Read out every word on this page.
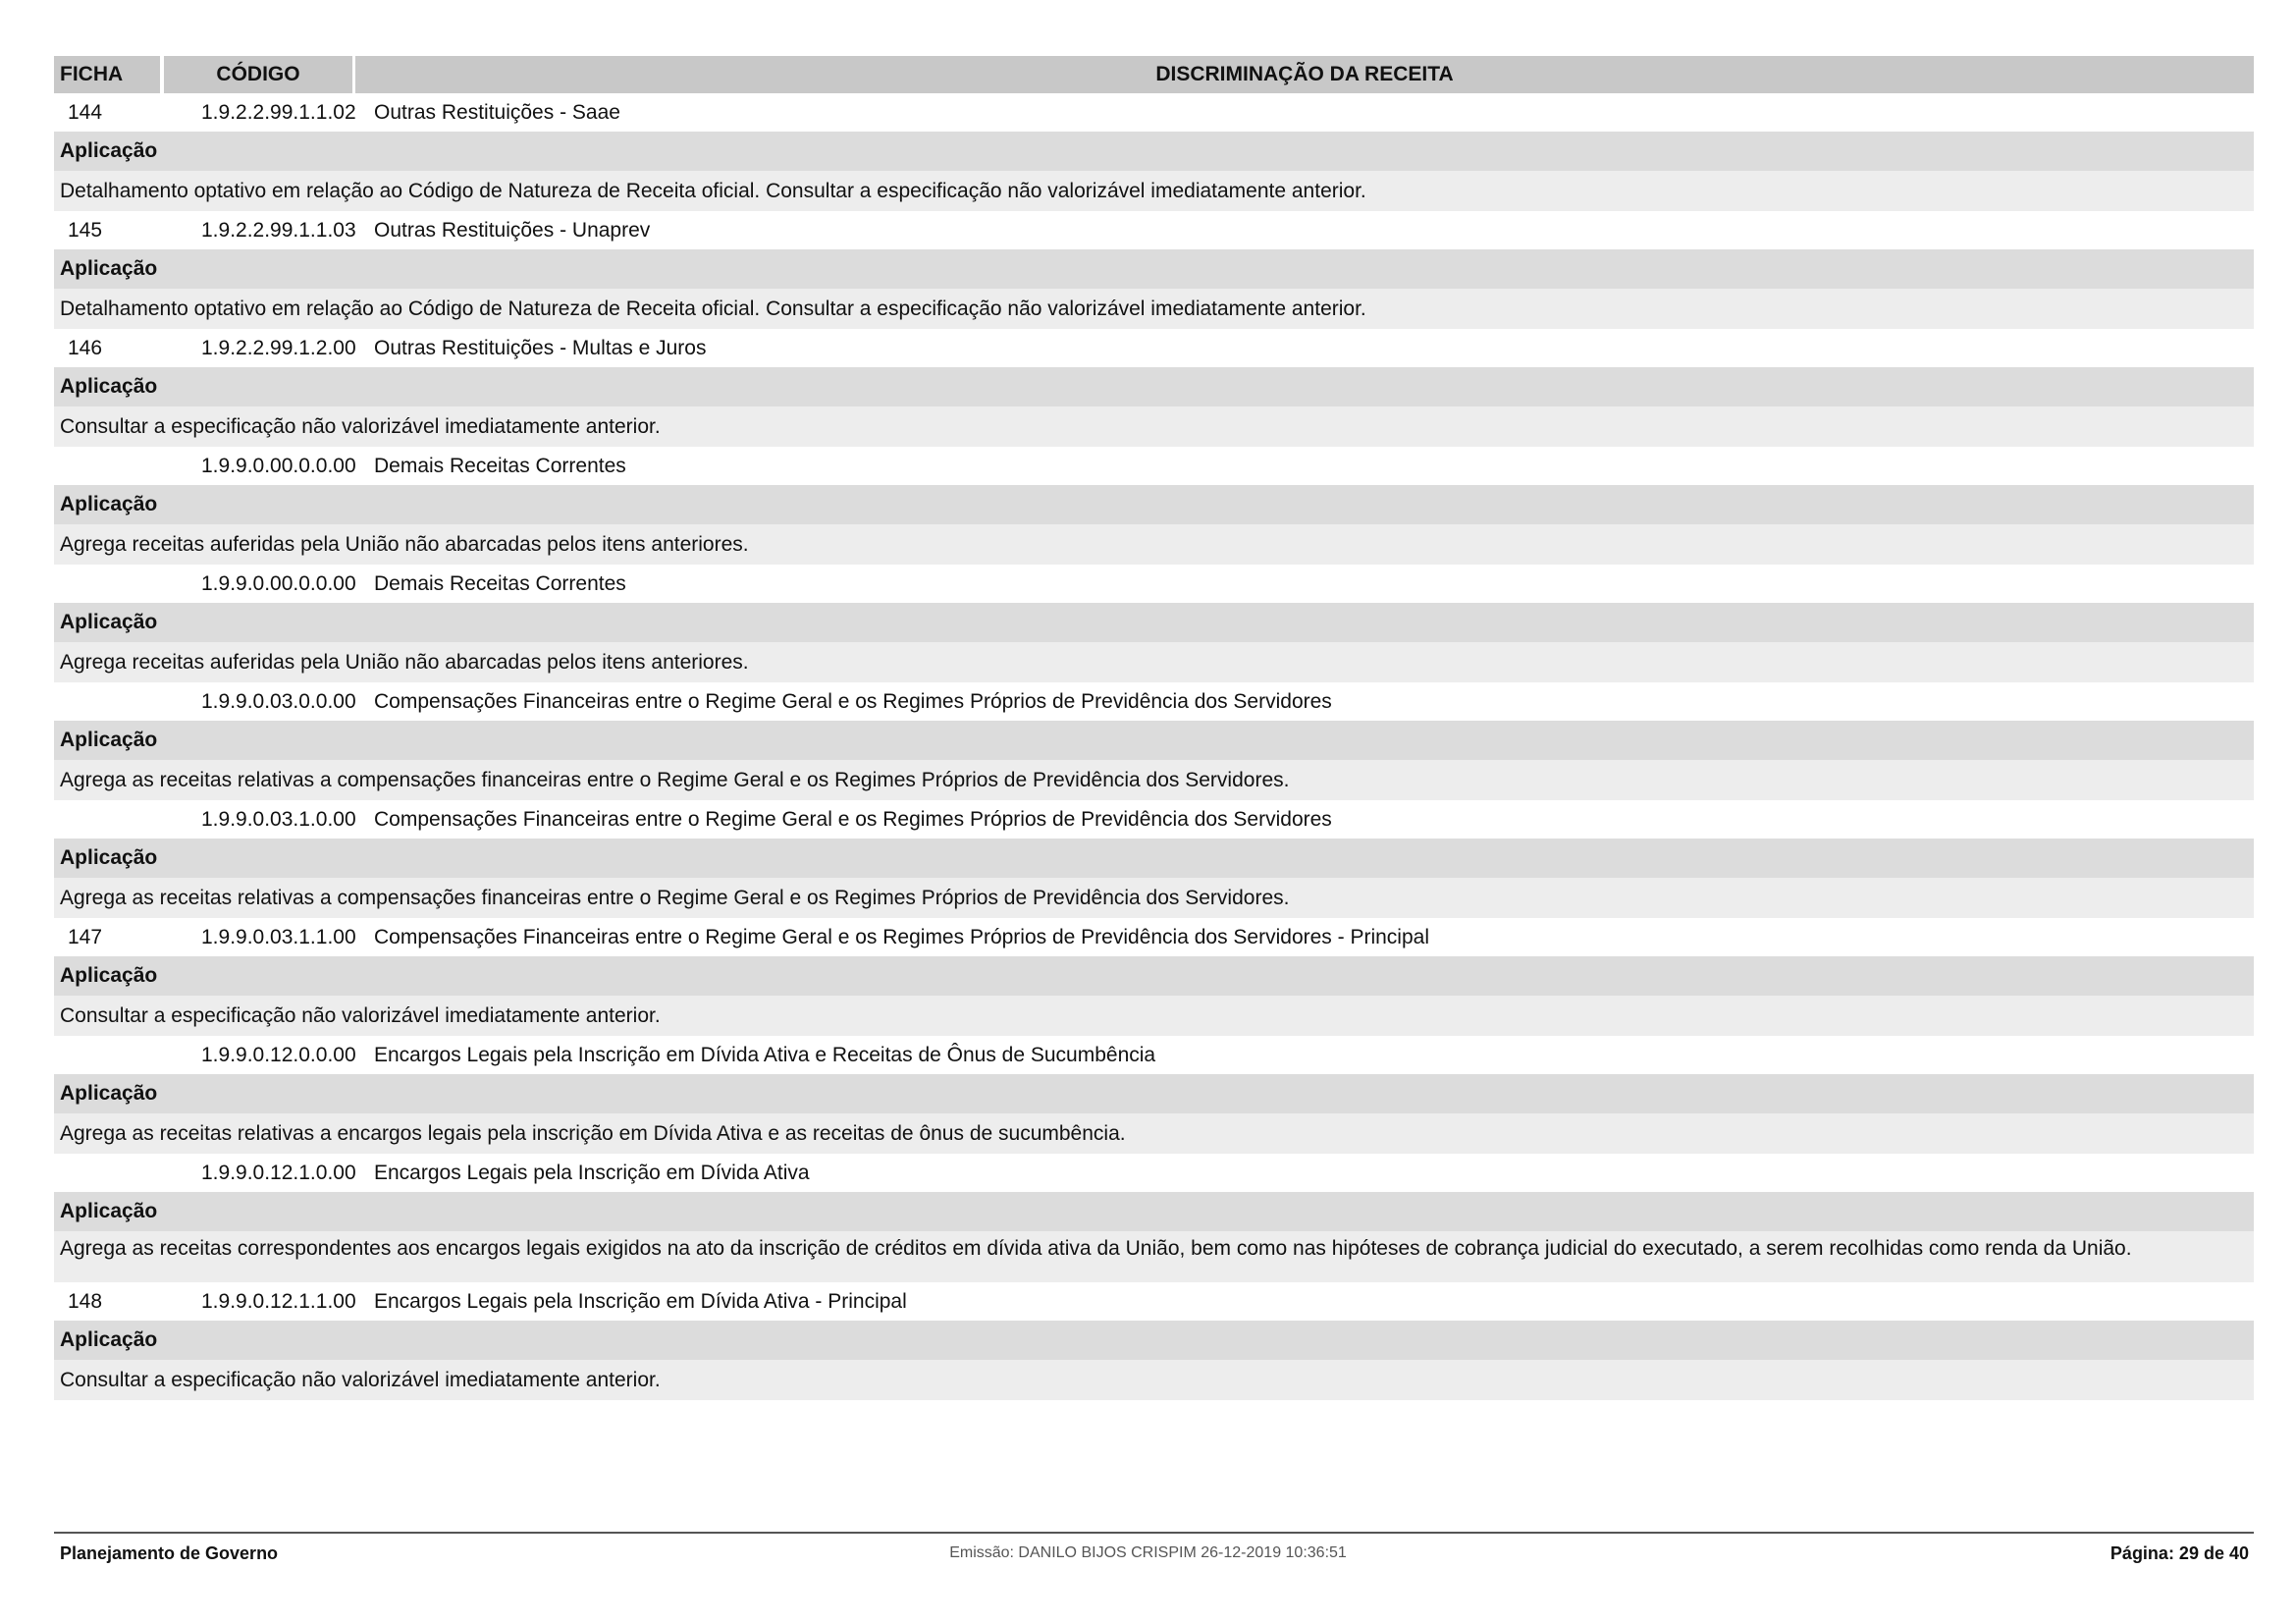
FICHA	CÓDIGO	DISCRIMINAÇÃO DA RECEITA
144	1.9.2.2.99.1.1.02 Outras Restituições - Saae
Aplicação
Detalhamento optativo em relação ao Código de Natureza de Receita oficial. Consultar a especificação não valorizável imediatamente anterior.
145	1.9.2.2.99.1.1.03 Outras Restituições - Unaprev
Aplicação
Detalhamento optativo em relação ao Código de Natureza de Receita oficial. Consultar a especificação não valorizável imediatamente anterior.
146	1.9.2.2.99.1.2.00 Outras Restituições - Multas e Juros
Aplicação
Consultar a especificação não valorizável imediatamente anterior.
1.9.9.0.00.0.0.00 Demais Receitas Correntes
Aplicação
Agrega receitas auferidas pela União não abarcadas pelos itens anteriores.
1.9.9.0.00.0.0.00 Demais Receitas Correntes
Aplicação
Agrega receitas auferidas pela União não abarcadas pelos itens anteriores.
1.9.9.0.03.0.0.00 Compensações Financeiras entre o Regime Geral e os Regimes Próprios de Previdência dos Servidores
Aplicação
Agrega as receitas relativas a compensações financeiras entre o Regime Geral e os Regimes Próprios de Previdência dos Servidores.
1.9.9.0.03.1.0.00 Compensações Financeiras entre o Regime Geral e os Regimes Próprios de Previdência dos Servidores
Aplicação
Agrega as receitas relativas a compensações financeiras entre o Regime Geral e os Regimes Próprios de Previdência dos Servidores.
147	1.9.9.0.03.1.1.00 Compensações Financeiras entre o Regime Geral e os Regimes Próprios de Previdência dos Servidores - Principal
Aplicação
Consultar a especificação não valorizável imediatamente anterior.
1.9.9.0.12.0.0.00 Encargos Legais pela Inscrição em Dívida Ativa e Receitas de Ônus de Sucumbência
Aplicação
Agrega as receitas relativas a encargos legais pela inscrição em Dívida Ativa e as receitas de ônus de sucumbência.
1.9.9.0.12.1.0.00 Encargos Legais pela Inscrição em Dívida Ativa
Aplicação
Agrega as receitas correspondentes aos encargos legais exigidos na ato da inscrição de créditos em dívida ativa da União, bem como nas hipóteses de cobrança judicial do executado, a serem recolhidas como renda da União.
148	1.9.9.0.12.1.1.00 Encargos Legais pela Inscrição em Dívida Ativa - Principal
Aplicação
Consultar a especificação não valorizável imediatamente anterior.
Planejamento de Governo	Emissão: DANILO BIJOS CRISPIM 26-12-2019 10:36:51	Página: 29 de 40
